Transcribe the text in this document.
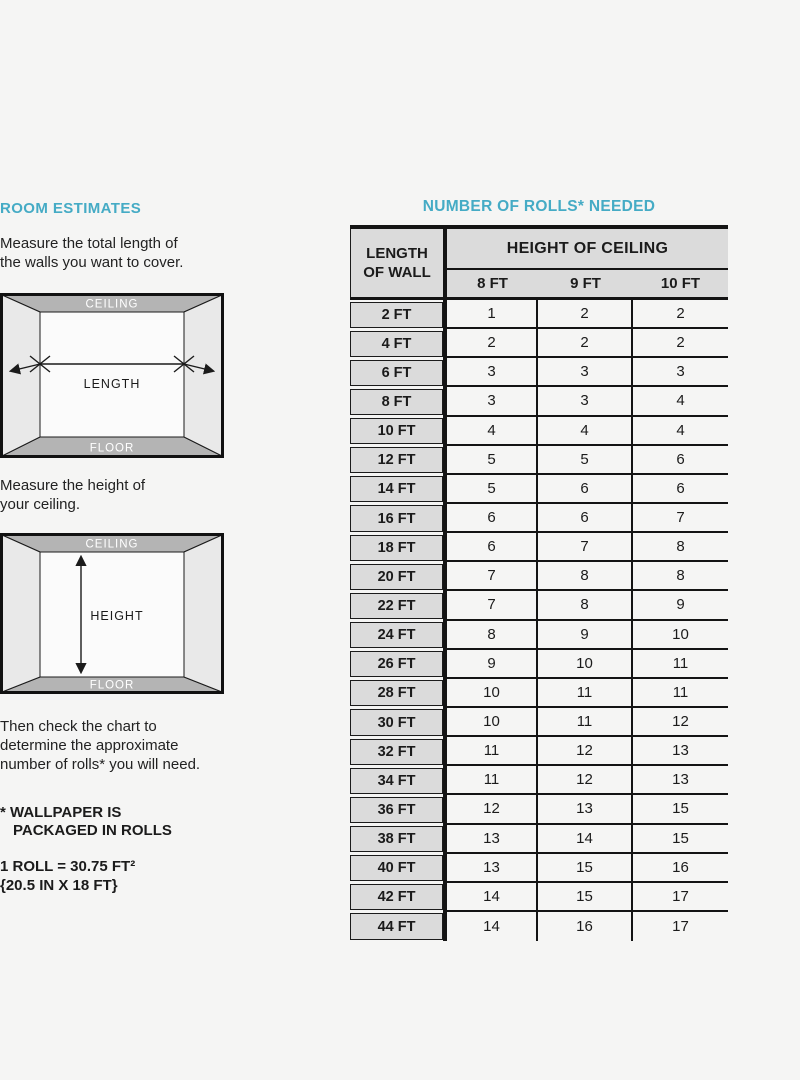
ROOM ESTIMATES
Measure the total length of
the walls you want to cover.
CEILING
FLOOR
LENGTH
Measure the height of
your ceiling.
CEILING
FLOOR
HEIGHT
Then check the chart to
determine the approximate
number of rolls* you will need.
* WALLPAPER IS
PACKAGED IN ROLLS
1 ROLL = 30.75 FT²
{20.5 IN X 18 FT}
NUMBER OF ROLLS* NEEDED
LENGTH
OF WALL
HEIGHT OF CEILING
8 FT	9 FT	10 FT
2 FT	1	2	2
4 FT	2	2	2
6 FT	3	3	3
8 FT	3	3	4
10 FT	4	4	4
12 FT	5	5	6
14 FT	5	6	6
16 FT	6	6	7
18 FT	6	7	8
20 FT	7	8	8
22 FT	7	8	9
24 FT	8	9	10
26 FT	9	10	11
28 FT	10	11	11
30 FT	10	11	12
32 FT	11	12	13
34 FT	11	12	13
36 FT	12	13	15
38 FT	13	14	15
40 FT	13	15	16
42 FT	14	15	17
44 FT	14	16	17
